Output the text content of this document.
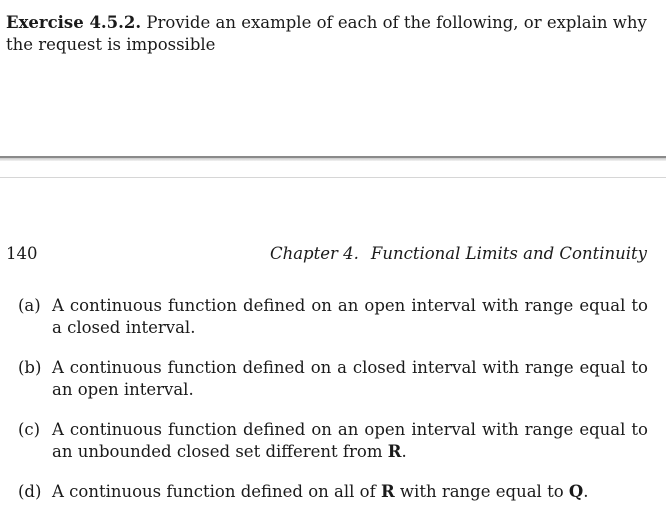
Exercise 4.5.2. Provide an example of each of the following, or explain why
the request is impossible
140	Chapter 4. Functional Limits and Continuity
(a) A continuous function defined on an open interval with range equal to a closed interval.
(b) A continuous function defined on a closed interval with range equal to an open interval.
(c) A continuous function defined on an open interval with range equal to an unbounded closed set different from R.
(d) A continuous function defined on all of R with range equal to Q.
